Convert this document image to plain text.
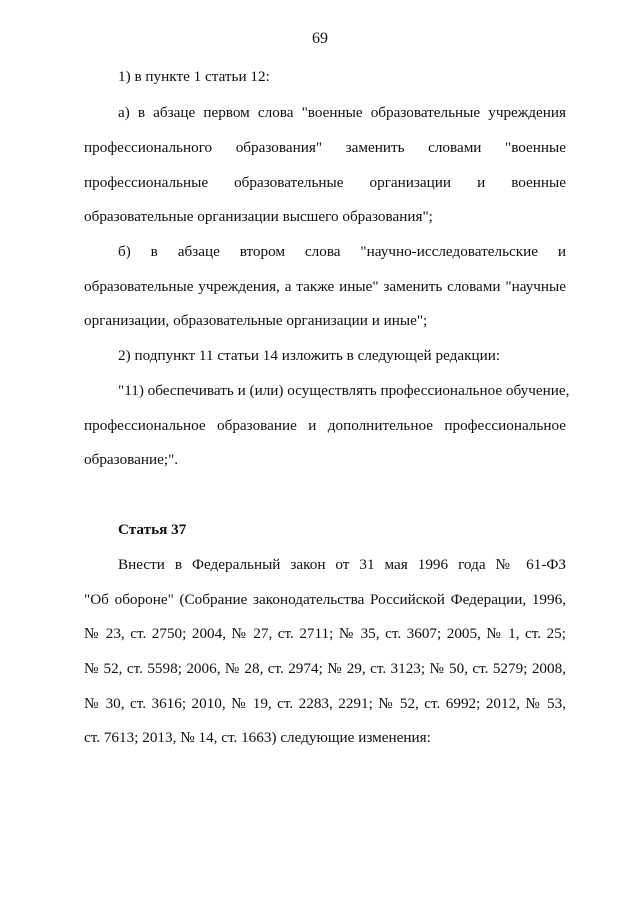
69
1) в пункте 1 статьи 12:
а) в абзаце первом слова "военные образовательные учреждения
профессионального образования" заменить словами "военные
профессиональные образовательные организации и военные
образовательные организации высшего образования";
б) в абзаце втором слова "научно-исследовательские и
образовательные учреждения, а также иные" заменить словами "научные
организации, образовательные организации и иные";
2) подпункт 11 статьи 14 изложить в следующей редакции:
"11) обеспечивать и (или) осуществлять профессиональное обучение,
профессиональное образование и дополнительное профессиональное
образование;".
Статья 37
Внести в Федеральный закон от 31 мая 1996 года № 61-ФЗ
"Об обороне" (Собрание законодательства Российской Федерации, 1996,
№ 23, ст. 2750; 2004, № 27, ст. 2711; № 35, ст. 3607; 2005, № 1, ст. 25;
№ 52, ст. 5598; 2006, № 28, ст. 2974; № 29, ст. 3123; № 50, ст. 5279; 2008,
№ 30, ст. 3616; 2010, № 19, ст. 2283, 2291; № 52, ст. 6992; 2012, № 53,
ст. 7613; 2013, № 14, ст. 1663) следующие изменения:
